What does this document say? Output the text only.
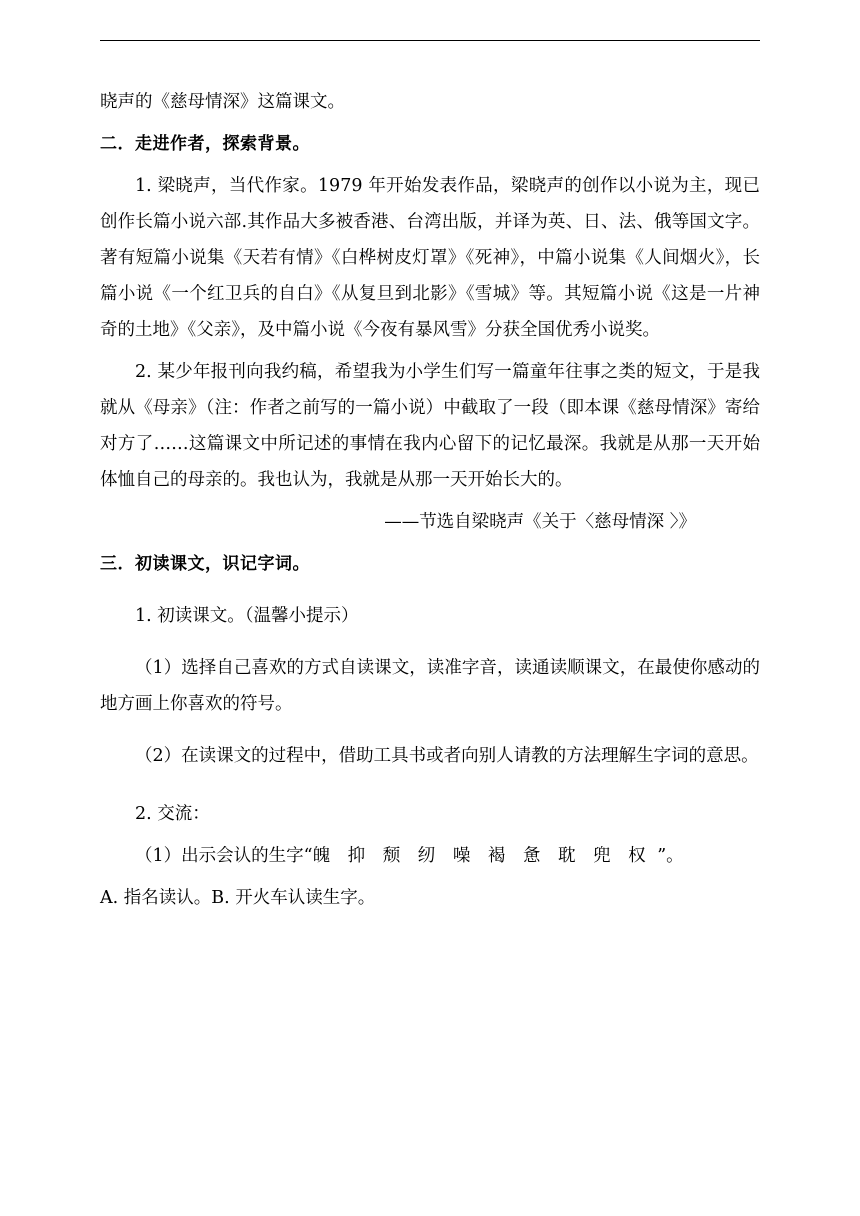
晓声的《慈母情深》这篇课文。

二．走进作者，探索背景。

1. 梁晓声，当代作家。1979 年开始发表作品，梁晓声的创作以小说为主，现已创作长篇小说六部.其作品大多被香港、台湾出版，并译为英、日、法、俄等国文字。著有短篇小说集《天若有情》《白桦树皮灯罩》《死神》，中篇小说集《人间烟火》，长篇小说《一个红卫兵的自白》《从复旦到北影》《雪城》等。其短篇小说《这是一片神奇的土地》《父亲》，及中篇小说《今夜有暴风雪》分获全国优秀小说奖。

2. 某少年报刊向我约稿，希望我为小学生们写一篇童年往事之类的短文，于是我就从《母亲》（注：作者之前写的一篇小说）中截取了一段（即本课《慈母情深》寄给对方了……这篇课文中所记述的事情在我内心留下的记忆最深。我就是从那一天开始体恤自己的母亲的。我也认为，我就是从那一天开始长大的。

——节选自梁晓声《关于〈慈母情深 〉》

三．初读课文，识记字词。

1. 初读课文。（温馨小提示）

（1）选择自己喜欢的方式自读课文，读准字音，读通读顺课文，在最使你感动的地方画上你喜欢的符号。

（2）在读课文的过程中，借助工具书或者向别人请教的方法理解生字词的意思。

2. 交流：

（1）出示会认的生字“魄 抑 颓 纫 噪 褐 惫 耽 兜 权 ”。

A. 指名读认。B. 开火车认读生字。
